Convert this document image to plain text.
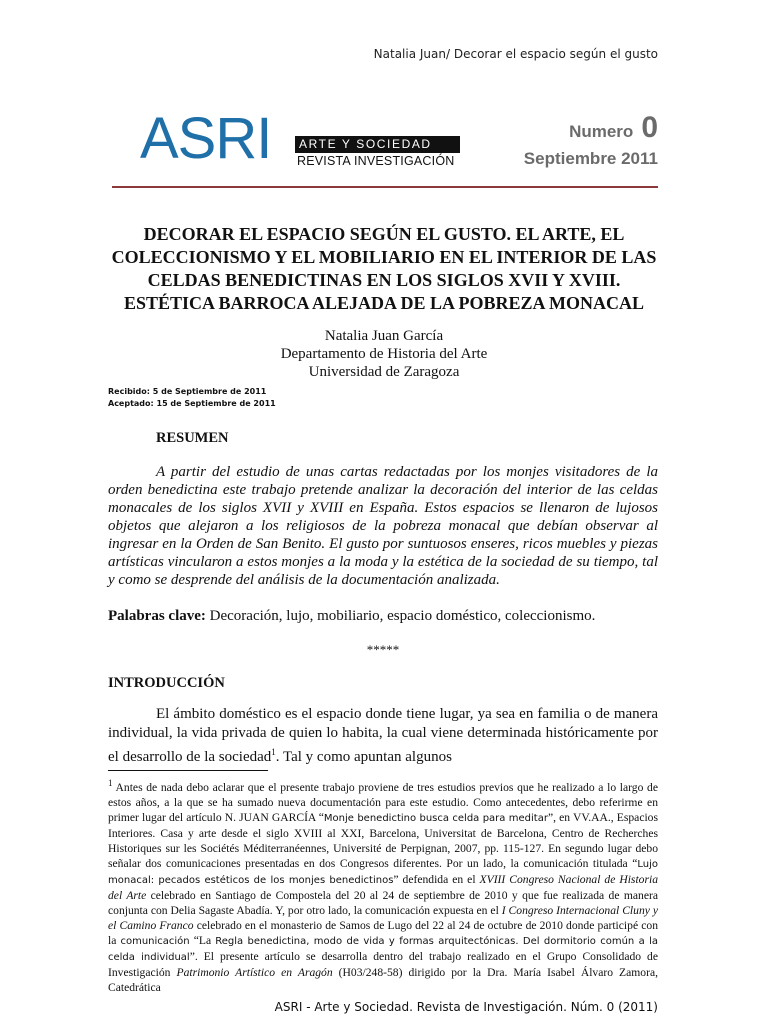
Natalia Juan/ Decorar el espacio según el gusto
ASRI	ARTE Y SOCIEDAD
REVISTA INVESTIGACIÓN
Numero 0
Septiembre 2011
DECORAR EL ESPACIO SEGÚN EL GUSTO. EL ARTE, EL COLECCIONISMO Y EL MOBILIARIO EN EL INTERIOR DE LAS CELDAS BENEDICTINAS EN LOS SIGLOS XVII Y XVIII. ESTÉTICA BARROCA ALEJADA DE LA POBREZA MONACAL
Natalia Juan García
Departamento de Historia del Arte
Universidad de Zaragoza
Recibido: 5 de Septiembre de 2011
Aceptado: 15 de Septiembre de 2011
RESUMEN

A partir del estudio de unas cartas redactadas por los monjes visitadores de la orden benedictina este trabajo pretende analizar la decoración del interior de las celdas monacales de los siglos XVII y XVIII en España. Estos espacios se llenaron de lujosos objetos que alejaron a los religiosos de la pobreza monacal que debían observar al ingresar en la Orden de San Benito. El gusto por suntuosos enseres, ricos muebles y piezas artísticas vincularon a estos monjes a la moda y la estética de la sociedad de su tiempo, tal y como se desprende del análisis de la documentación analizada.

Palabras clave: Decoración, lujo, mobiliario, espacio doméstico, coleccionismo.
*****
INTRODUCCIÓN

El ámbito doméstico es el espacio donde tiene lugar, ya sea en familia o de manera individual, la vida privada de quien lo habita, la cual viene determinada históricamente por el desarrollo de la sociedad$^1$. Tal y como apuntan algunos

$^1$ Antes de nada debo aclarar que el presente trabajo proviene de tres estudios previos que he realizado a lo largo de estos años, a la que se ha sumado nueva documentación para este estudio. Como antecedentes, debo referirme en primer lugar del artículo N. JUAN GARCÍA “Monje benedictino busca celda para meditar”, en VV.AA., Espacios Interiores. Casa y arte desde el siglo XVIII al XXI, Barcelona, Universitat de Barcelona, Centro de Recherches Historiques sur les Sociétés Méditerranéennes, Université de Perpignan, 2007, pp. 115-127. En segundo lugar debo señalar dos comunicaciones presentadas en dos Congresos diferentes. Por un lado, la comunicación titulada “Lujo monacal: pecados estéticos de los monjes benedictinos” defendida en el XVIII Congreso Nacional de Historia del Arte celebrado en Santiago de Compostela del 20 al 24 de septiembre de 2010 y que fue realizada de manera conjunta con Delia Sagaste Abadía. Y, por otro lado, la comunicación expuesta en el I Congreso Internacional Cluny y el Camino Franco celebrado en el monasterio de Samos de Lugo del 22 al 24 de octubre de 2010 donde participé con la comunicación “La Regla benedictina, modo de vida y formas arquitectónicas. Del dormitorio común a la celda individual”. El presente artículo se desarrolla dentro del trabajo realizado en el Grupo Consolidado de Investigación Patrimonio Artístico en Aragón (H03/248-58) dirigido por la Dra. María Isabel Álvaro Zamora, Catedrática

ASRI - Arte y Sociedad. Revista de Investigación. Núm. 0 (2011)
